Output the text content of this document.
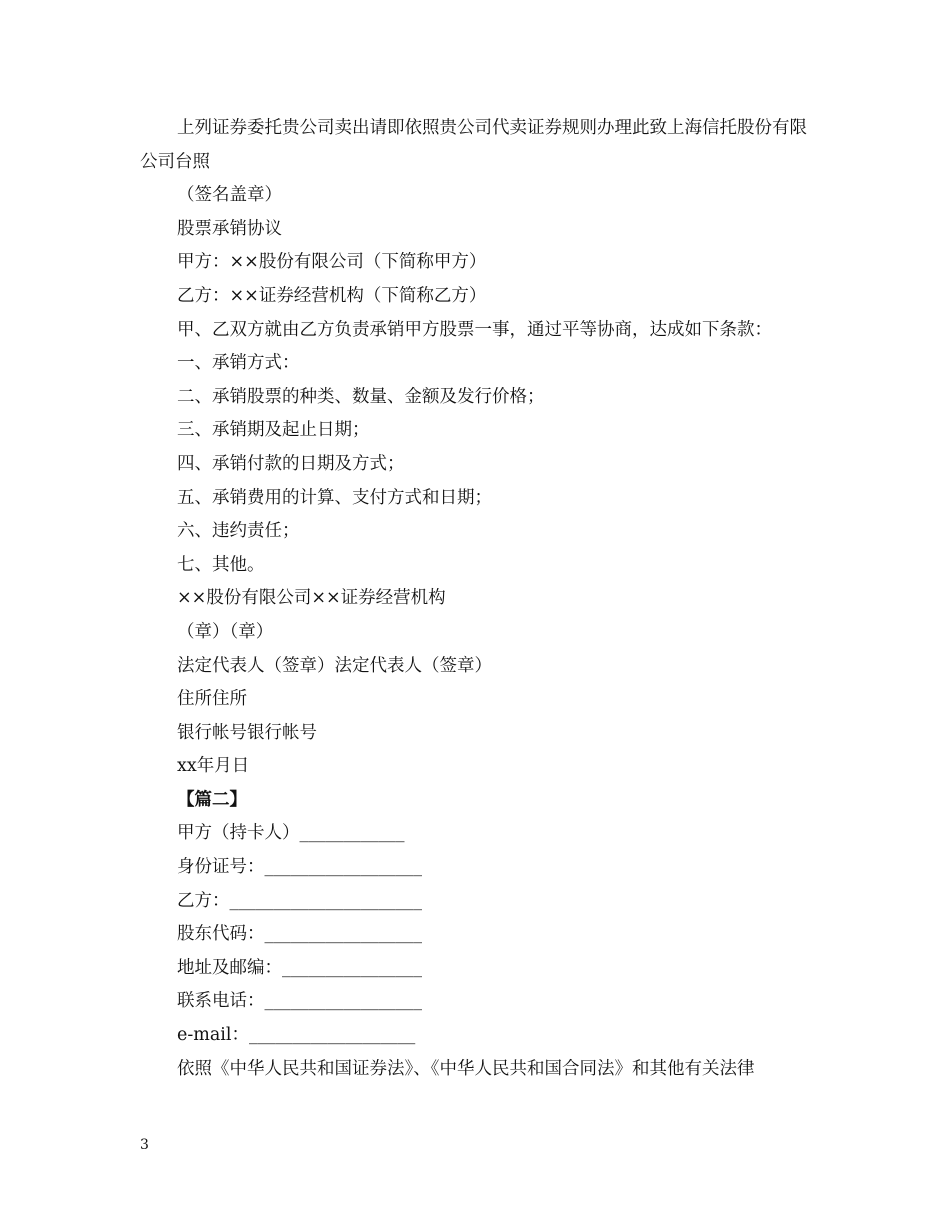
上列证券委托贵公司卖出请即依照贵公司代卖证券规则办理此致上海信托股份有限公司台照

（签名盖章）

股票承销协议

甲方：××股份有限公司（下简称甲方）

乙方：××证券经营机构（下简称乙方）

甲、乙双方就由乙方负责承销甲方股票一事，通过平等协商，达成如下条款：

一、承销方式：

二、承销股票的种类、数量、金额及发行价格；

三、承销期及起止日期；

四、承销付款的日期及方式；

五、承销费用的计算、支付方式和日期；

六、违约责任；

七、其他。

××股份有限公司××证券经营机构

（章）（章）

法定代表人（签章）法定代表人（签章）

住所住所

银行帐号银行帐号

xx年月日

【篇二】

甲方（持卡人）____________

身份证号：__________________

乙方：______________________

股东代码：__________________

地址及邮编：________________

联系电话：__________________

e-mail：___________________

依照《中华人民共和国证券法》、《中华人民共和国合同法》和其他有关法律

3
